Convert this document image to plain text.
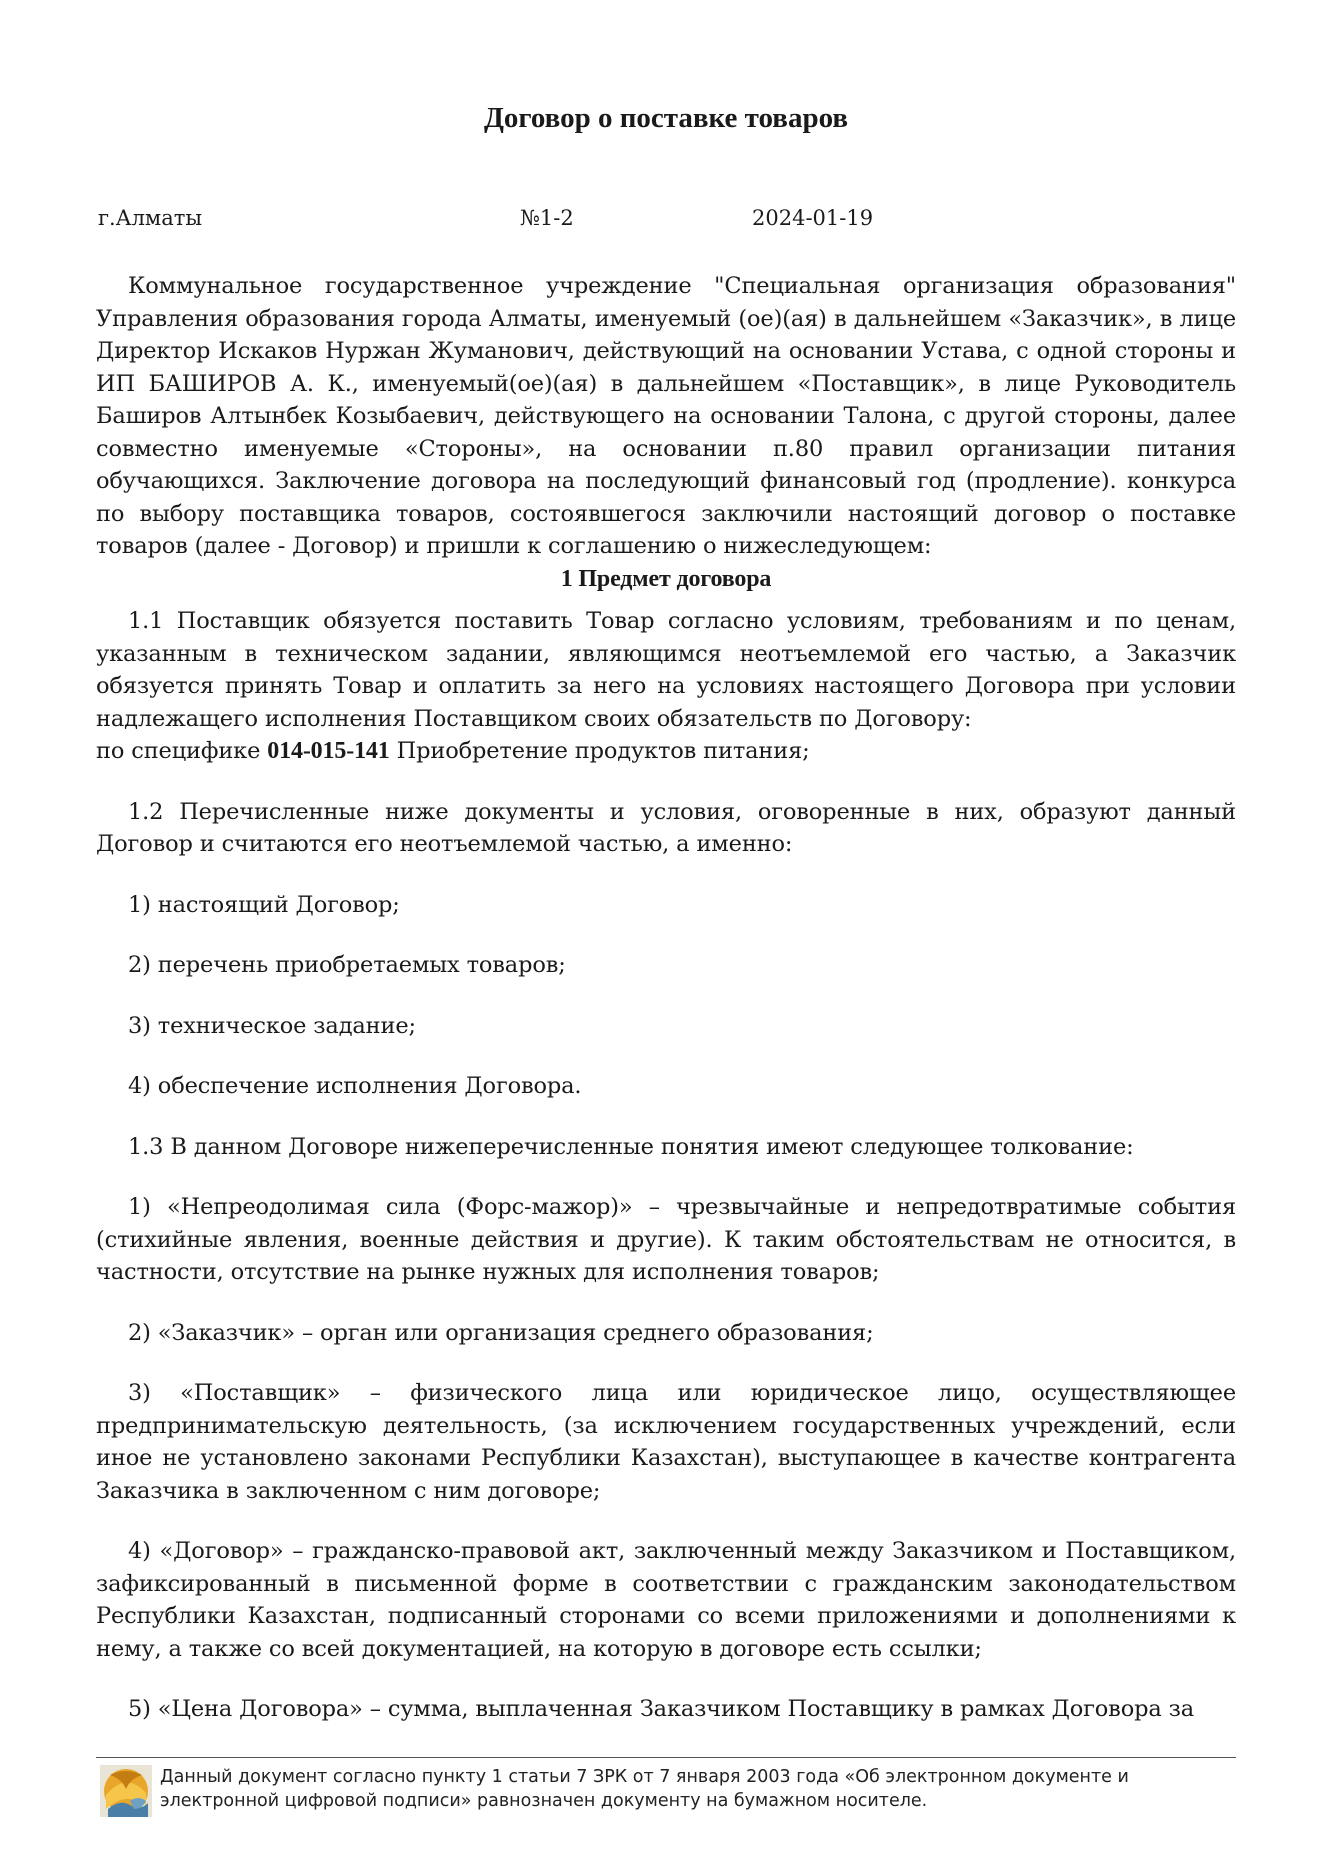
Договор о поставке товаров
г.Алматы	№1-2	2024-01-19

Коммунальное государственное учреждение "Специальная организация образования" Управления образования города Алматы, именуемый (ое)(ая) в дальнейшем «Заказчик», в лице Директор Искаков Нуржан Жуманович, действующий на основании Устава, с одной стороны и ИП БАШИРОВ А. К., именуемый(ое)(ая) в дальнейшем «Поставщик», в лице Руководитель Баширов Алтынбек Козыбаевич, действующего на основании Талона, с другой стороны, далее совместно именуемые «Стороны», на основании п.80 правил организации питания обучающихся. Заключение договора на последующий финансовый год (продление). конкурса по выбору поставщика товаров, состоявшегося заключили настоящий договор о поставке товаров (далее - Договор) и пришли к соглашению о нижеследующем:

1 Предмет договора

1.1 Поставщик обязуется поставить Товар согласно условиям, требованиям и по ценам, указанным в техническом задании, являющимся неотъемлемой его частью, а Заказчик обязуется принять Товар и оплатить за него на условиях настоящего Договора при условии надлежащего исполнения Поставщиком своих обязательств по Договору:

по специфике 014-015-141 Приобретение продуктов питания;

1.2 Перечисленные ниже документы и условия, оговоренные в них, образуют данный Договор и считаются его неотъемлемой частью, а именно:

1) настоящий Договор;

2) перечень приобретаемых товаров;

3) техническое задание;

4) обеспечение исполнения Договора.

1.3 В данном Договоре нижеперечисленные понятия имеют следующее толкование:

1) «Непреодолимая сила (Форс-мажор)» – чрезвычайные и непредотвратимые события (стихийные явления, военные действия и другие). К таким обстоятельствам не относится, в частности, отсутствие на рынке нужных для исполнения товаров;

2) «Заказчик» – орган или организация среднего образования;

3) «Поставщик» – физического лица или юридическое лицо, осуществляющее предпринимательскую деятельность, (за исключением государственных учреждений, если иное не установлено законами Республики Казахстан), выступающее в качестве контрагента Заказчика в заключенном с ним договоре;

4) «Договор» – гражданско-правовой акт, заключенный между Заказчиком и Поставщиком, зафиксированный в письменной форме в соответствии с гражданским законодательством Республики Казахстан, подписанный сторонами со всеми приложениями и дополнениями к нему, а также со всей документацией, на которую в договоре есть ссылки;

5) «Цена Договора» – сумма, выплаченная Заказчиком Поставщику в рамках Договора за

Данный документ согласно пункту 1 статьи 7 ЗРК от 7 января 2003 года «Об электронном документе и
электронной цифровой подписи» равнозначен документу на бумажном носителе.
